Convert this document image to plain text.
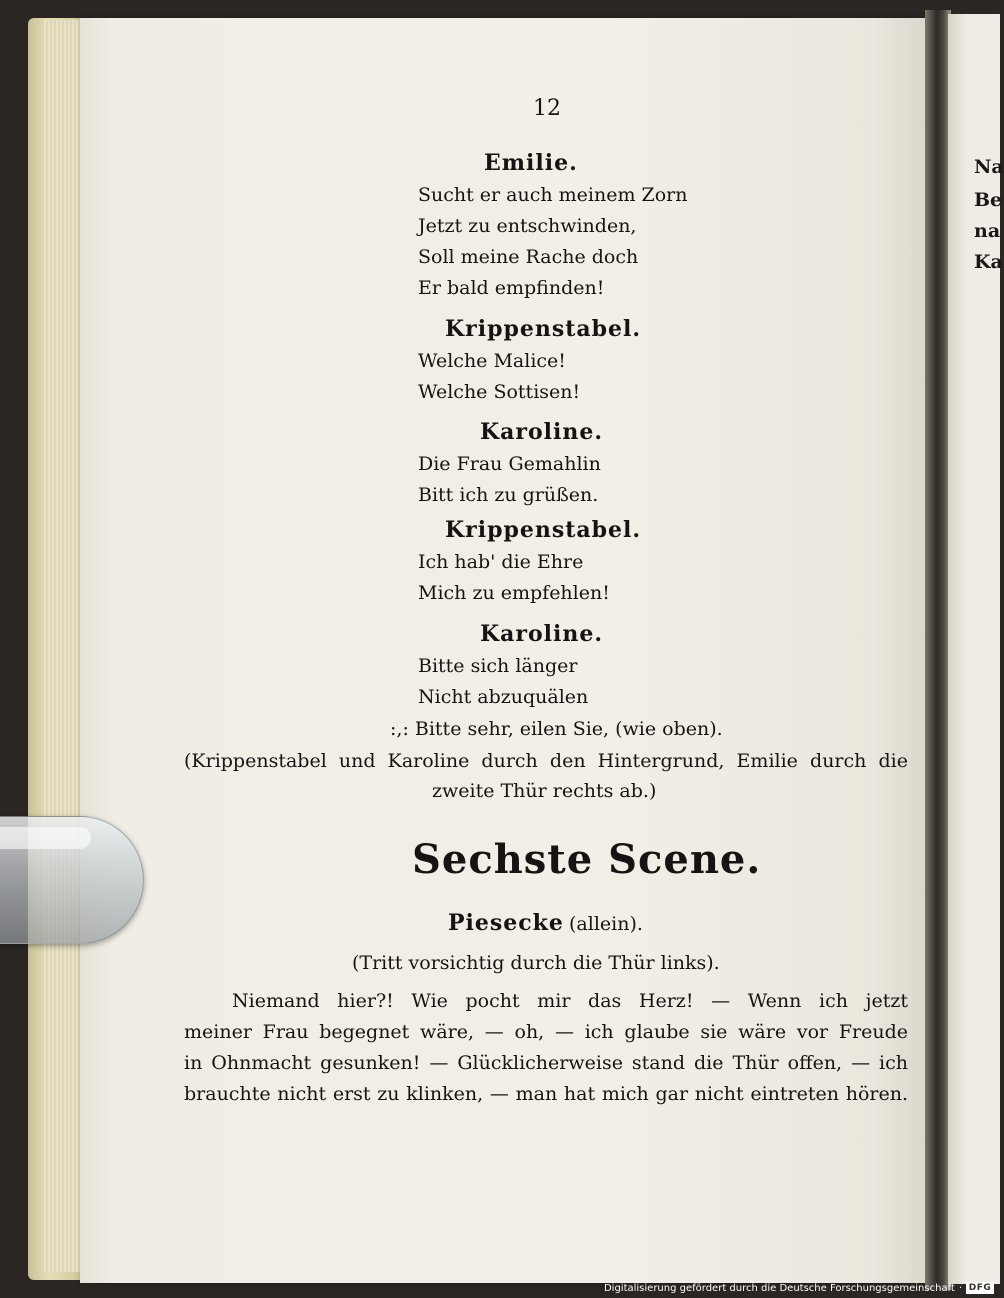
Na
Be
na
Ka
12
Emilie.
Sucht er auch meinem Zorn
Jetzt zu entschwinden,
Soll meine Rache doch
Er bald empfinden!
Krippenstabel.
Welche Malice!
Welche Sottisen!
Karoline.
Die Frau Gemahlin
Bitt ich zu grüßen.
Krippenstabel.
Ich hab' die Ehre
Mich zu empfehlen!
Karoline.
Bitte sich länger
Nicht abzuquälen
:,: Bitte sehr, eilen Sie, (wie oben).
(Krippenstabel und Karoline durch den Hintergrund, Emilie durch die
zweite Thür rechts ab.)
Sechste Scene.
Piesecke (allein).
(Tritt vorsichtig durch die Thür links).
Niemand hier?! Wie pocht mir das Herz! — Wenn ich jetzt
meiner Frau begegnet wäre, — oh, — ich glaube sie wäre vor Freude
in Ohnmacht gesunken! — Glücklicherweise stand die Thür offen, — ich
brauchte nicht erst zu klinken, — man hat mich gar nicht eintreten hören.
Digitalisierung gefördert durch die Deutsche Forschungsgemeinschaft · DFG
